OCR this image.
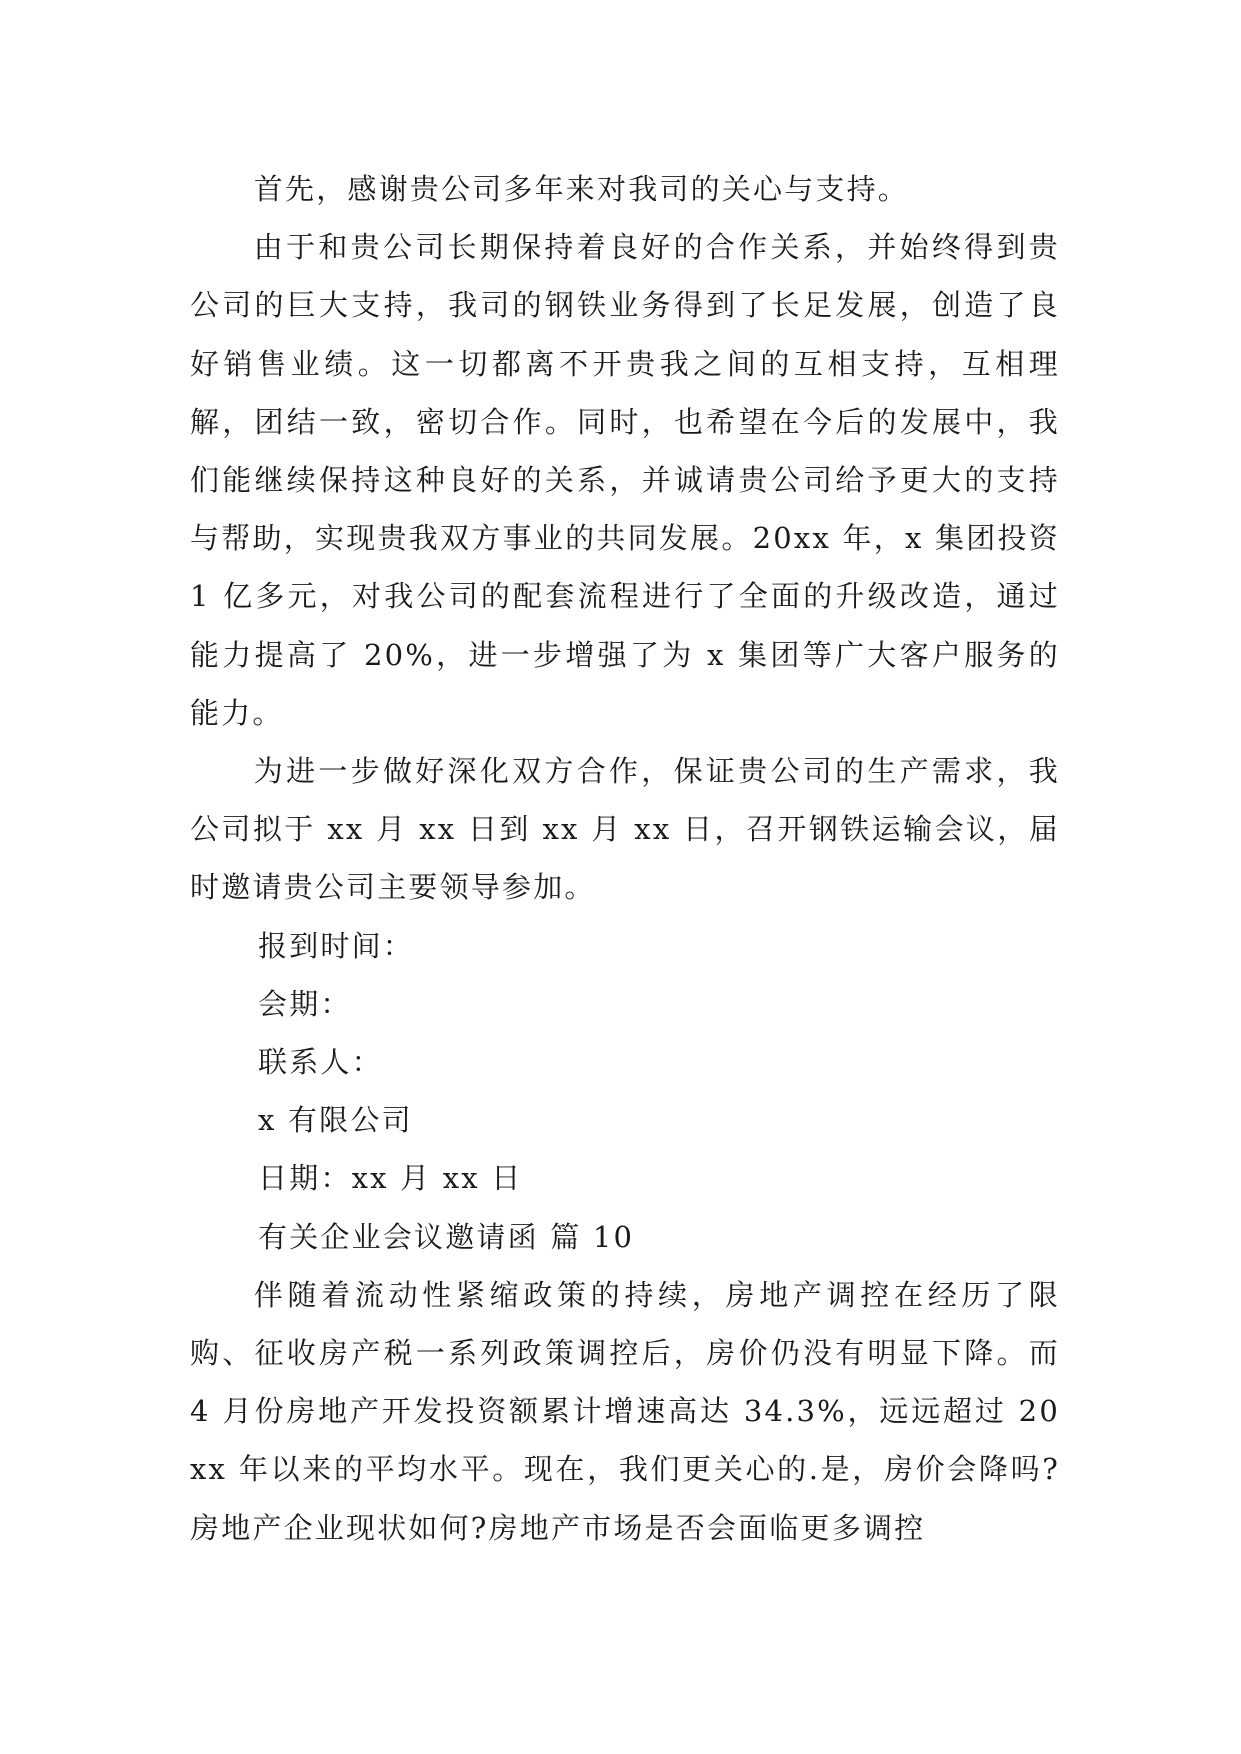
首先，感谢贵公司多年来对我司的关心与支持。

由于和贵公司长期保持着良好的合作关系，并始终得到贵公司的巨大支持，我司的钢铁业务得到了长足发展，创造了良好销售业绩。这一切都离不开贵我之间的互相支持，互相理解，团结一致，密切合作。同时，也希望在今后的发展中，我们能继续保持这种良好的关系，并诚请贵公司给予更大的支持与帮助，实现贵我双方事业的共同发展。20xx 年，x 集团投资 1 亿多元，对我公司的配套流程进行了全面的升级改造，通过能力提高了 20%，进一步增强了为 x 集团等广大客户服务的能力。

为进一步做好深化双方合作，保证贵公司的生产需求，我公司拟于 xx 月 xx 日到 xx 月 xx 日，召开钢铁运输会议，届时邀请贵公司主要领导参加。

报到时间：

会期：

联系人：

x 有限公司

日期：xx 月 xx 日

有关企业会议邀请函 篇 10

伴随着流动性紧缩政策的持续，房地产调控在经历了限购、征收房产税一系列政策调控后，房价仍没有明显下降。而 4 月份房地产开发投资额累计增速高达 34.3%，远远超过 20xx 年以来的平均水平。现在，我们更关心的.是，房价会降吗?房地产企业现状如何?房地产市场是否会面临更多调控
